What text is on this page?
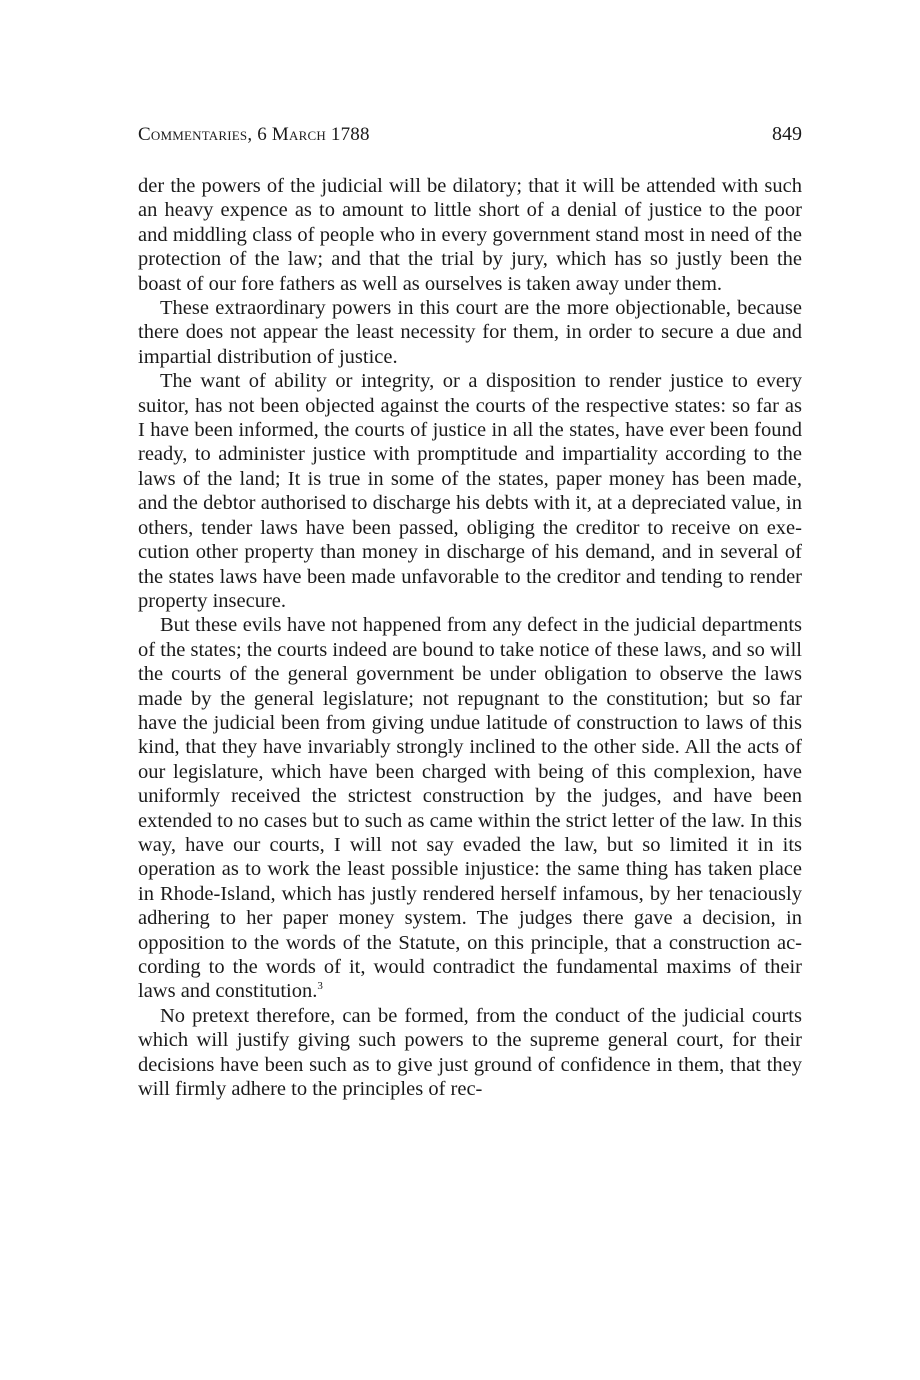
Commentaries, 6 March 1788	849

der the powers of the judicial will be dilatory; that it will be attended with such an heavy expence as to amount to little short of a denial of justice to the poor and middling class of people who in every government stand most in need of the protection of the law; and that the trial by jury, which has so justly been the boast of our fore fathers as well as ourselves is taken away under them.

These extraordinary powers in this court are the more objectionable, because there does not appear the least necessity for them, in order to secure a due and impartial distribution of justice.

The want of ability or integrity, or a disposition to render justice to every suitor, has not been objected against the courts of the respective states: so far as I have been informed, the courts of justice in all the states, have ever been found ready, to administer justice with promptitude and impartiality according to the laws of the land; It is true in some of the states, paper money has been made, and the debtor authorised to discharge his debts with it, at a depreciated value, in others, tender laws have been passed, obliging the creditor to receive on execution other property than money in discharge of his demand, and in several of the states laws have been made unfavorable to the creditor and tending to render property insecure.

But these evils have not happened from any defect in the judicial departments of the states; the courts indeed are bound to take notice of these laws, and so will the courts of the general government be under obligation to observe the laws made by the general legislature; not repugnant to the constitution; but so far have the judicial been from giving undue latitude of construction to laws of this kind, that they have invariably strongly inclined to the other side. All the acts of our legislature, which have been charged with being of this complexion, have uniformly received the strictest construction by the judges, and have been extended to no cases but to such as came within the strict letter of the law. In this way, have our courts, I will not say evaded the law, but so limited it in its operation as to work the least possible injustice: the same thing has taken place in Rhode-Island, which has justly rendered herself infamous, by her tenaciously adhering to her paper money system. The judges there gave a decision, in opposition to the words of the Statute, on this principle, that a construction according to the words of it, would contradict the fundamental maxims of their laws and constitution.$^3$

No pretext therefore, can be formed, from the conduct of the judicial courts which will justify giving such powers to the supreme general court, for their decisions have been such as to give just ground of confidence in them, that they will firmly adhere to the principles of rec-
